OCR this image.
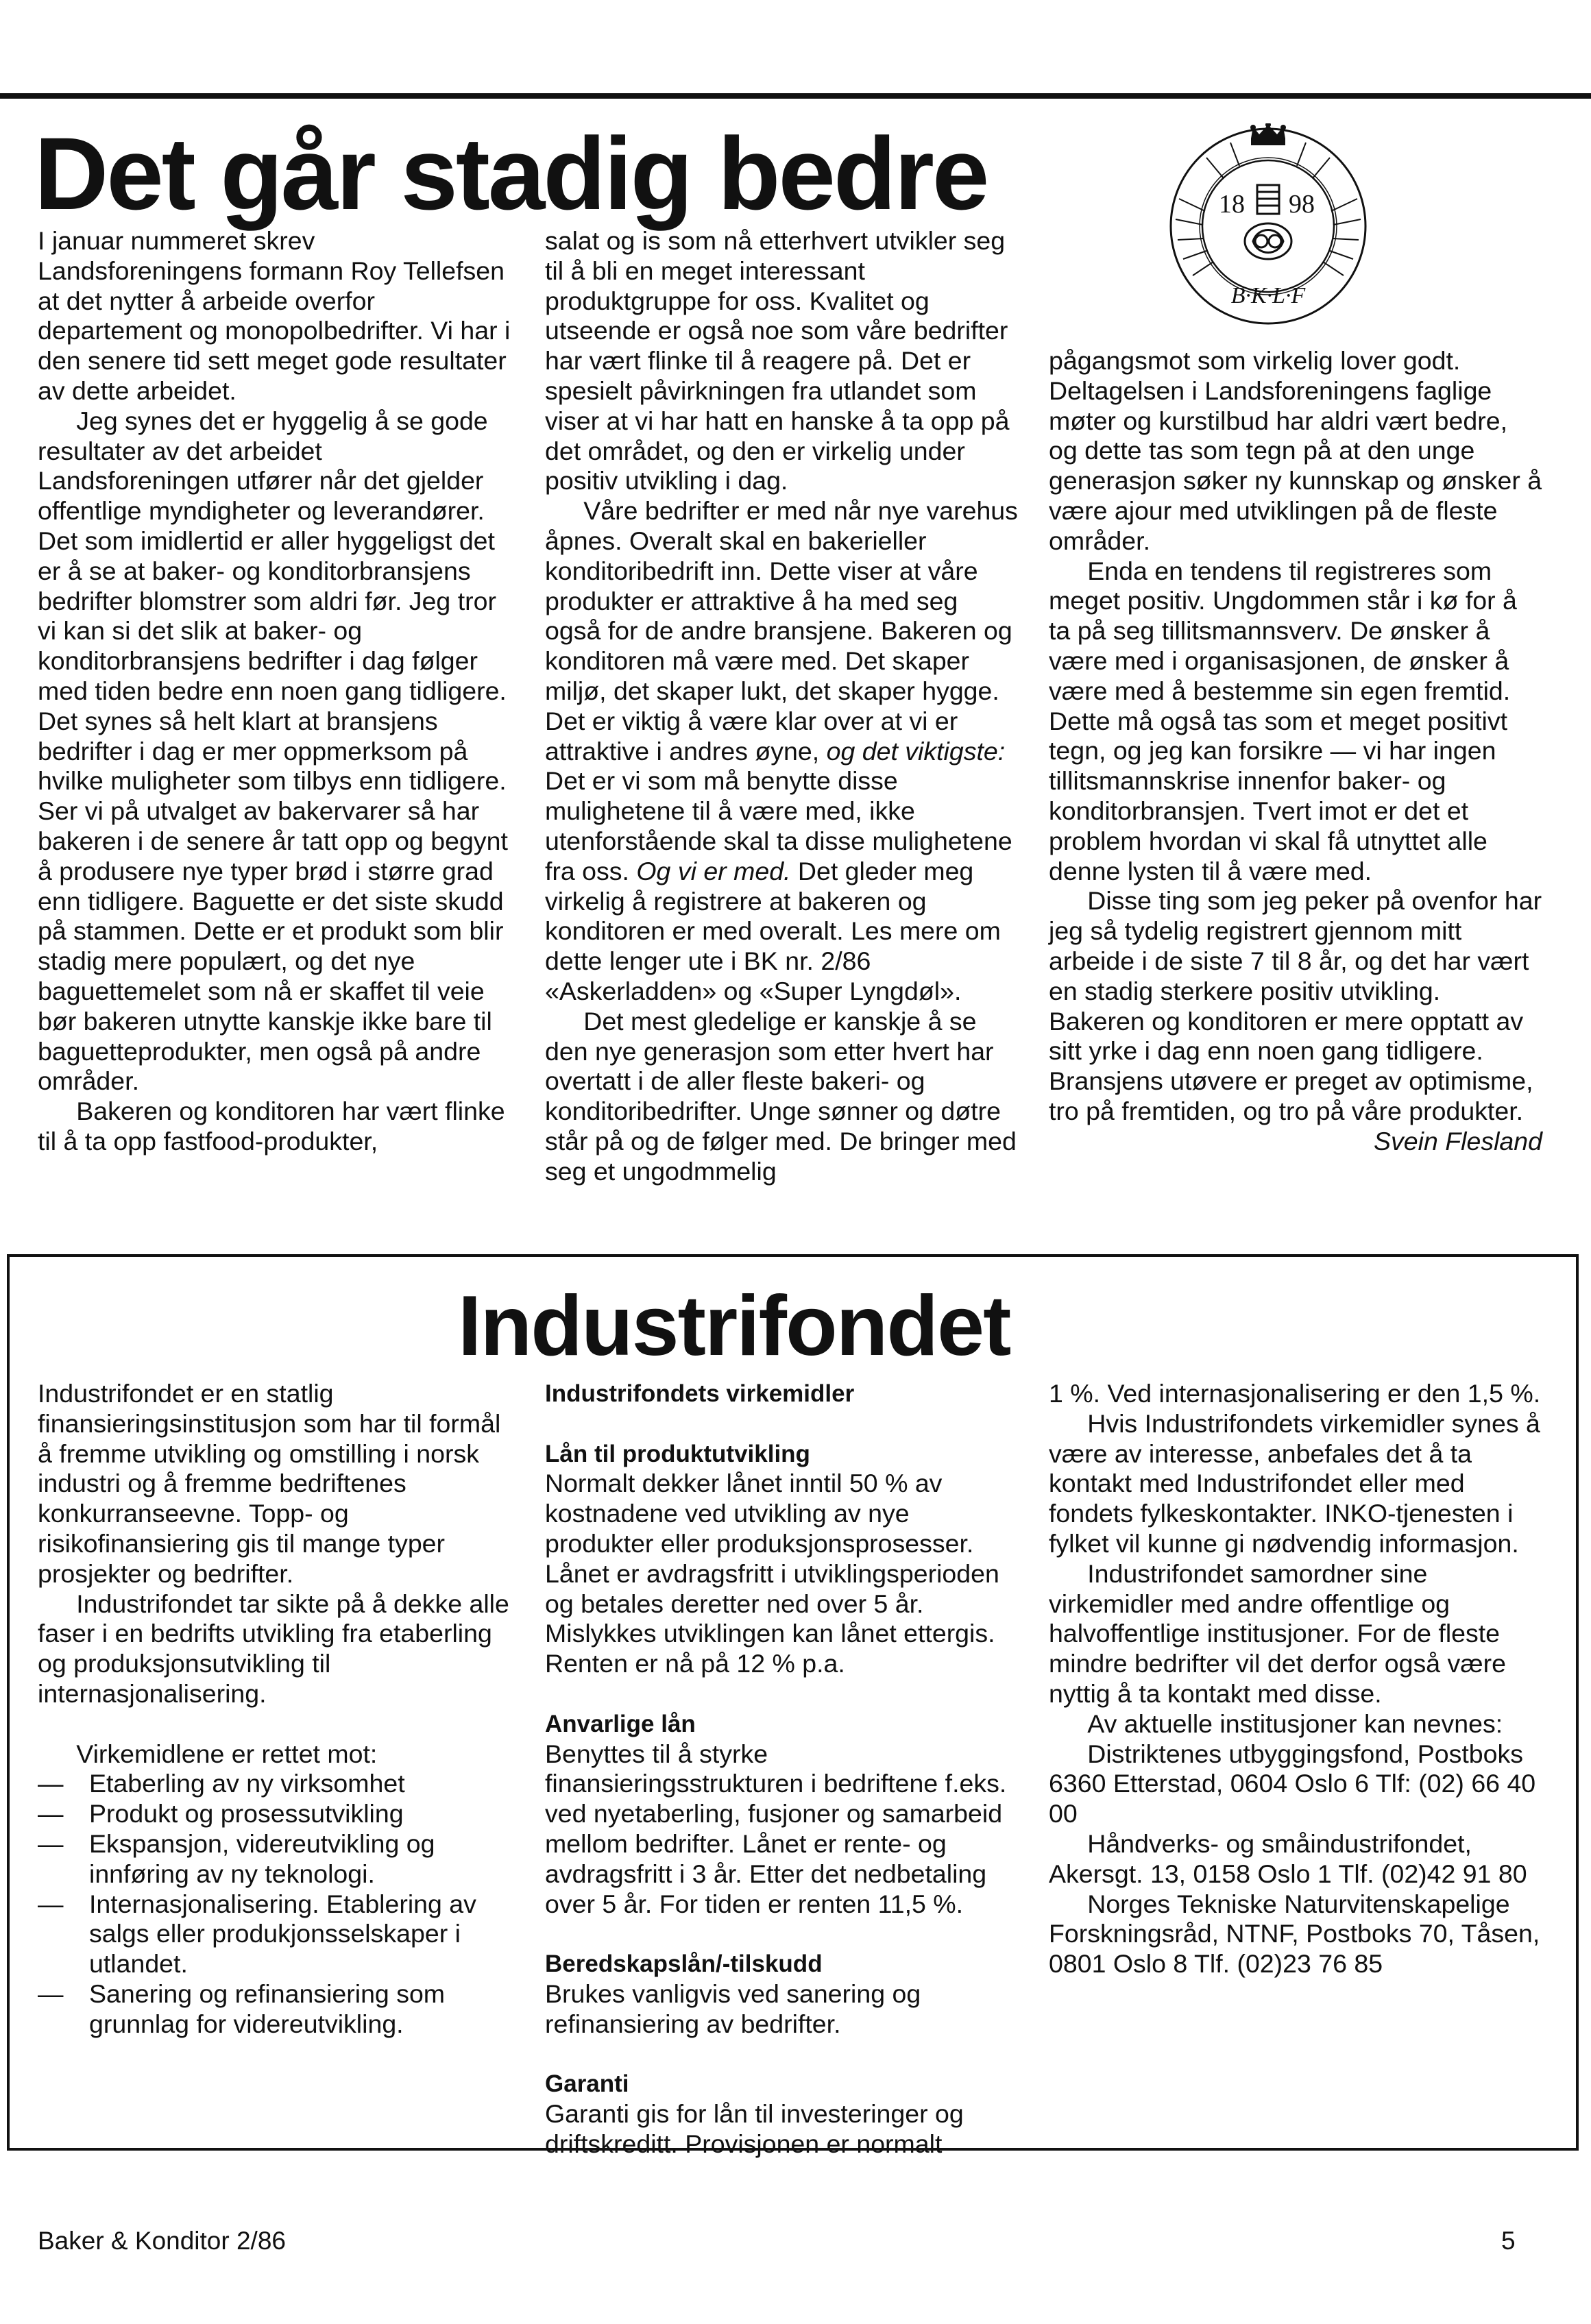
Det går stadig bedre	18 98
B·K·L·F

I januar nummeret skrev Landsforeningens formann Roy Tellefsen at det nytter å arbeide overfor departement og monopolbedrifter. Vi har i den senere tid sett meget gode resultater av dette arbeidet.

Jeg synes det er hyggelig å se gode resultater av det arbeidet Landsforeningen utfører når det gjelder offentlige myndigheter og leverandører. Det som imidlertid er aller hyggeligst det er å se at baker- og konditorbransjens bedrifter blomstrer som aldri før. Jeg tror vi kan si det slik at baker- og konditorbransjens bedrifter i dag følger med tiden bedre enn noen gang tidligere. Det synes så helt klart at bransjens bedrifter i dag er mer oppmerksom på hvilke muligheter som tilbys enn tidligere. Ser vi på utvalget av bakervarer så har bakeren i de senere år tatt opp og begynt å produsere nye typer brød i større grad enn tidligere. Baguette er det siste skudd på stammen. Dette er et produkt som blir stadig mere populært, og det nye baguettemelet som nå er skaffet til veie bør bakeren utnytte kanskje ikke bare til baguetteprodukter, men også på andre områder.

Bakeren og konditoren har vært flinke til å ta opp fastfood-produkter,

salat og is som nå etterhvert utvikler seg til å bli en meget interessant produktgruppe for oss. Kvalitet og utseende er også noe som våre bedrifter har vært flinke til å reagere på. Det er spesielt påvirkningen fra utlandet som viser at vi har hatt en hanske å ta opp på det området, og den er virkelig under positiv utvikling i dag.

Våre bedrifter er med når nye varehus åpnes. Overalt skal en bakerieller konditoribedrift inn. Dette viser at våre produkter er attraktive å ha med seg også for de andre bransjene. Bakeren og konditoren må være med. Det skaper miljø, det skaper lukt, det skaper hygge. Det er viktig å være klar over at vi er attraktive i andres øyne, og det viktigste: Det er vi som må benytte disse mulighetene til å være med, ikke utenforstående skal ta disse mulighetene fra oss. Og vi er med. Det gleder meg virkelig å registrere at bakeren og konditoren er med overalt. Les mere om dette lenger ute i BK nr. 2/86 «Askerladden» og «Super Lyngdøl».

Det mest gledelige er kanskje å se den nye generasjon som etter hvert har overtatt i de aller fleste bakeri- og konditoribedrifter. Unge sønner og døtre står på og de følger med. De bringer med seg et ungodmmelig

pågangsmot som virkelig lover godt. Deltagelsen i Landsforeningens faglige møter og kurstilbud har aldri vært bedre, og dette tas som tegn på at den unge generasjon søker ny kunnskap og ønsker å være ajour med utviklingen på de fleste områder.

Enda en tendens til registreres som meget positiv. Ungdommen står i kø for å ta på seg tillitsmannsverv. De ønsker å være med i organisasjonen, de ønsker å være med å bestemme sin egen fremtid. Dette må også tas som et meget positivt tegn, og jeg kan forsikre — vi har ingen tillitsmannskrise innenfor baker- og konditorbransjen. Tvert imot er det et problem hvordan vi skal få utnyttet alle denne lysten til å være med.

Disse ting som jeg peker på ovenfor har jeg så tydelig registrert gjennom mitt arbeide i de siste 7 til 8 år, og det har vært en stadig sterkere positiv utvikling. Bakeren og konditoren er mere opptatt av sitt yrke i dag enn noen gang tidligere. Bransjens utøvere er preget av optimisme, tro på fremtiden, og tro på våre produkter.

Svein Flesland

Industrifondet

Industrifondet er en statlig finansieringsinstitusjon som har til formål å fremme utvikling og omstilling i norsk industri og å fremme bedriftenes konkurranseevne. Topp- og risikofinansiering gis til mange typer prosjekter og bedrifter.

Industrifondet tar sikte på å dekke alle faser i en bedrifts utvikling fra etaberling og produksjonsutvikling til internasjonalisering.

Virkemidlene er rettet mot:

— Etaberling av ny virksomhet
— Produkt og prosessutvikling
— Ekspansjon, videreutvikling og innføring av ny teknologi.
— Internasjonalisering. Etablering av salgs eller produkjonsselskaper i utlandet.
— Sanering og refinansiering som grunnlag for videreutvikling.

Industrifondets virkemidler

Lån til produktutvikling

Normalt dekker lånet inntil 50 % av kostnadene ved utvikling av nye produkter eller produksjonsprosesser. Lånet er avdragsfritt i utviklingsperioden og betales deretter ned over 5 år. Mislykkes utviklingen kan lånet ettergis. Renten er nå på 12 % p.a.

Anvarlige lån

Benyttes til å styrke finansieringsstrukturen i bedriftene f.eks. ved nyetaberling, fusjoner og samarbeid mellom bedrifter. Lånet er rente- og avdragsfritt i 3 år. Etter det nedbetaling over 5 år. For tiden er renten 11,5 %.

Beredskapslån/-tilskudd

Brukes vanligvis ved sanering og refinansiering av bedrifter.

Garanti

Garanti gis for lån til investeringer og driftskreditt. Provisjonen er normalt

1 %. Ved internasjonalisering er den 1,5 %.

Hvis Industrifondets virkemidler synes å være av interesse, anbefales det å ta kontakt med Industrifondet eller med fondets fylkeskontakter. INKO-tjenesten i fylket vil kunne gi nødvendig informasjon.

Industrifondet samordner sine virkemidler med andre offentlige og halvoffentlige institusjoner. For de fleste mindre bedrifter vil det derfor også være nyttig å ta kontakt med disse.

Av aktuelle institusjoner kan nevnes:

Distriktenes utbyggingsfond, Postboks 6360 Etterstad, 0604 Oslo 6 Tlf: (02) 66 40 00

Håndverks- og småindustrifondet, Akersgt. 13, 0158 Oslo 1 Tlf. (02)42 91 80

Norges Tekniske Naturvitenskapelige Forskningsråd, NTNF, Postboks 70, Tåsen, 0801 Oslo 8 Tlf. (02)23 76 85

Baker & Konditor 2/86	5
